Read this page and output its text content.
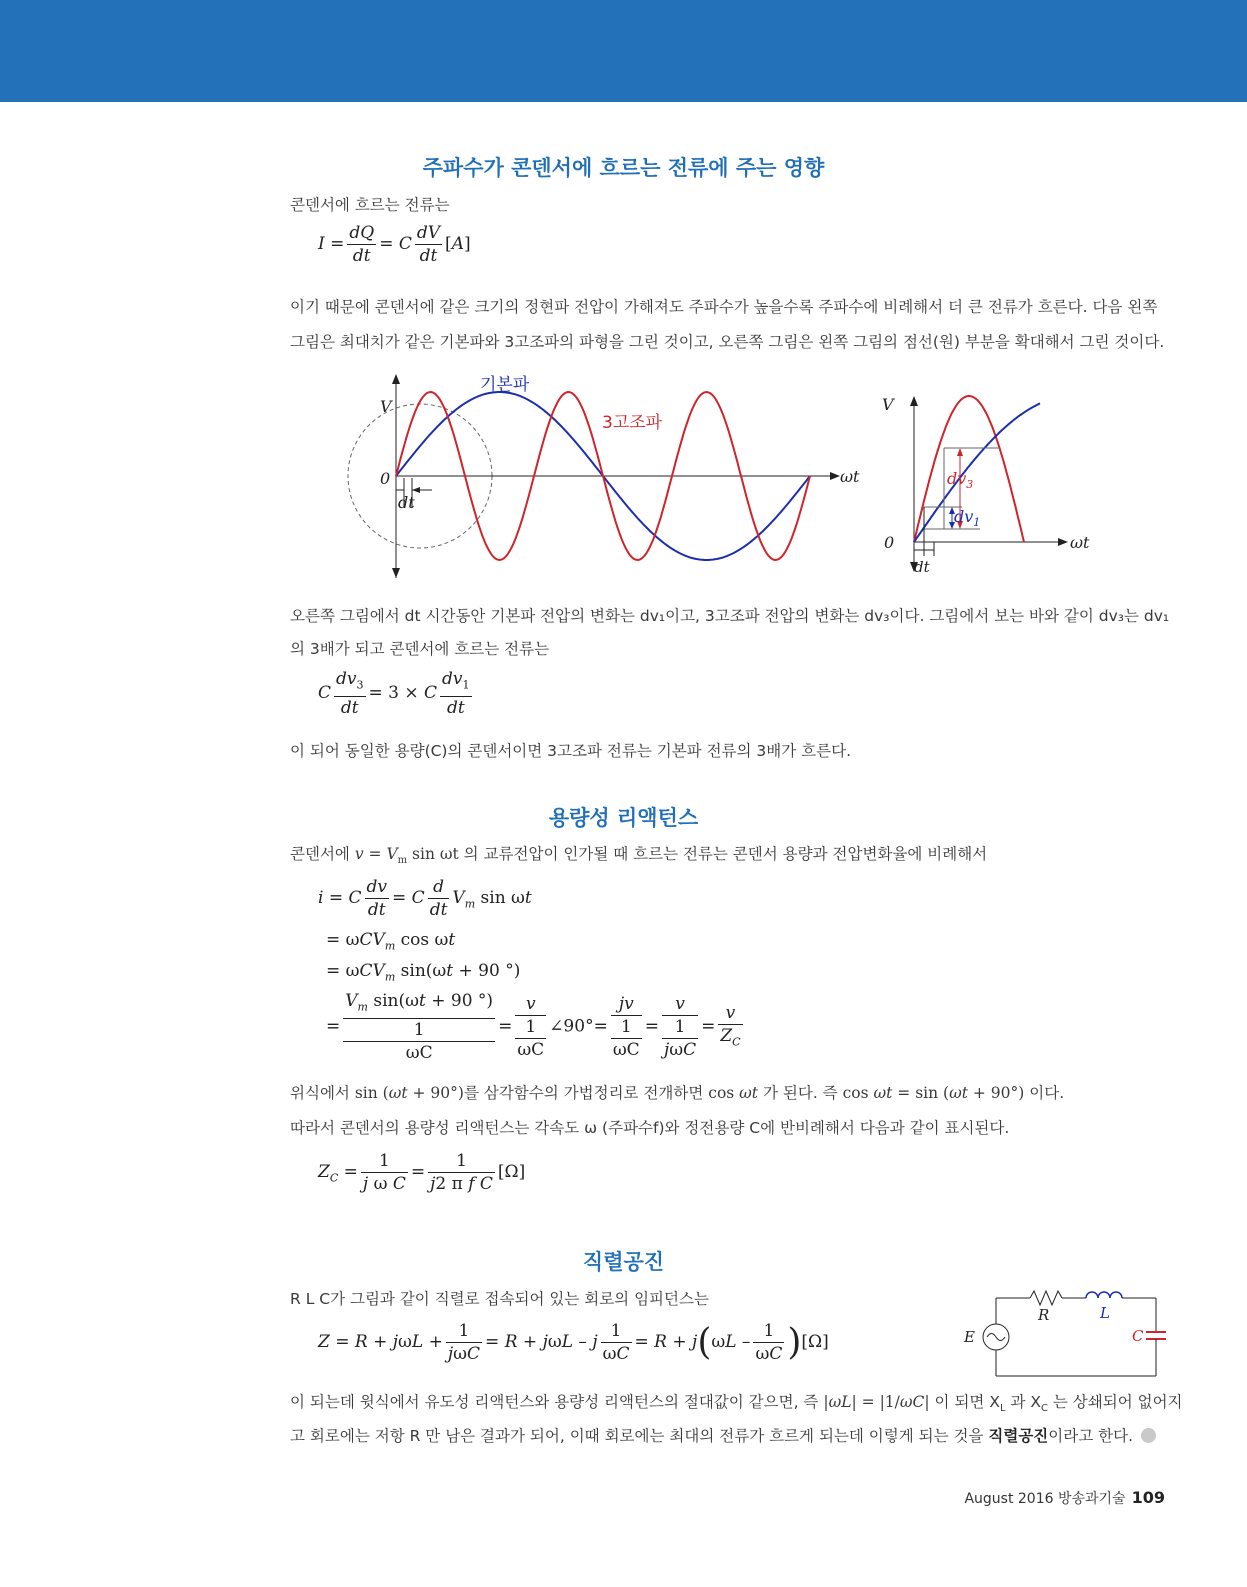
주파수가 콘덴서에 흐르는 전류에 주는 영향
콘덴서에 흐르는 전류는
$I = \frac{dQ}{dt} = C \frac{dV}{dt} [A]$
이기 때문에 콘덴서에 같은 크기의 정현파 전압이 가해져도 주파수가 높을수록 주파수에 비례해서 더 큰 전류가 흐른다. 다음 왼쪽
그림은 최대치가 같은 기본파와 3고조파의 파형을 그린 것이고, 오른쪽 그림은 왼쪽 그림의 점선(원) 부분을 확대해서 그린 것이다.
V
0	ωt
dt
기본파
3고조파
V
0	ωt
dt
$dv_3$
$dv_1$
오른쪽 그림에서 dt 시간동안 기본파 전압의 변화는 dv₁이고, 3고조파 전압의 변화는 dv₃이다. 그림에서 보는 바와 같이 dv₃는 dv₁
의 3배가 되고 콘덴서에 흐르는 전류는
C $\frac{dv_3}{dt} = 3 \times C \frac{dv_1}{dt}$
이 되어 동일한 용량(C)의 콘덴서이면 3고조파 전류는 기본파 전류의 3배가 흐른다.
용량성 리액턴스
콘덴서에 $v = V_m$ sin ωt 의 교류전압이 인가될 때 흐르는 전류는 콘덴서 용량과 전압변화율에 비례해서
i = C $\frac{dv}{dt} = C \frac{d}{dt} V_m$ sin ωt
= ωCV$_m$ cos ωt
= ωCV$_m$ sin(ωt + 90 °)
=
$V_m$ sin(ωt + 90 °)
1
ωC
=
v
1
ωC
∠90°=
jv
1
ωC
=
v
1
jωC
= $\frac{v}{Z_C}$
위식에서 sin (ωt + 90°)를 삼각함수의 가법정리로 전개하면 cos ωt 가 된다. 즉 cos ωt = sin (ωt + 90°) 이다.
따라서 콘덴서의 용량성 리액턴스는 각속도 ω (주파수f)와 정전용량 C에 반비례해서 다음과 같이 표시된다.
$Z_C = \frac{1}{\text{j ω C}} = \frac{1}{\text{j2 π f C}} [\Omega]$
직렬공진
R L C가 그림과 같이 직렬로 접속되어 있는 회로의 임피던스는
$Z = R + j\omega L + \frac{1}{\text{jωC}} = R + j\omega L - j \frac{1}{\omega C} = R + j(\omega L - \frac{1}{\omega C} )[\Omega]$
R	L
C
E
이 되는데 윗식에서 유도성 리액턴스와 용량성 리액턴스의 절대값이 같으면, 즉 |ωL| = |1/ωC| 이 되면 $X_L$ 과 $X_C$ 는 상쇄되어 없어지
고 회로에는 저항 R 만 남은 결과가 되어, 이때 회로에는 최대의 전류가 흐르게 되는데 이렇게 되는 것을 직렬공진이라고 한다.
August 2016 방송과기술 109
